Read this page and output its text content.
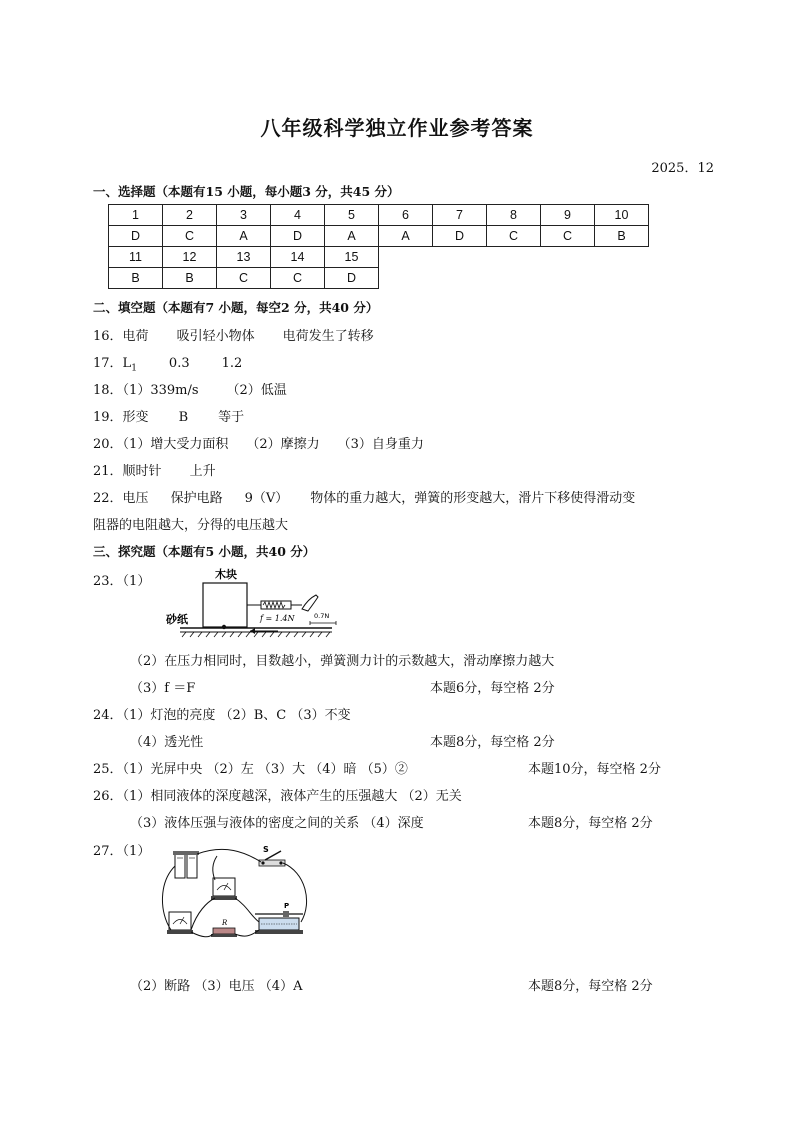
八年级科学独立作业参考答案
2025．12
一、选择题（本题有15 小题，每小题3 分，共45 分）
1	2	3	4	5	6	7	8	9	10
D	C	A	D	A	A	D	C	C	B
11	12	13	14	15					
B	B	C	C	D					
二、填空题（本题有7 小题，每空2 分，共40 分）
16．电荷 吸引轻小物体 电荷发生了转移
17．$L_1$ 0.3 1.2
18．（1）339m/s （2）低温
19．形变 B 等于
20．（1）增大受力面积 （2）摩擦力 （3）自身重力
21．顺时针 上升
22．电压 保护电路 9（V） 物体的重力越大，弹簧的形变越大，滑片下移使得滑动变
阻器的电阻越大，分得的电压越大
三、探究题（本题有5 小题，共40 分）
23．（1）	木块
f = 1.4N	0.7N
砂纸
（2）在压力相同时，目数越小，弹簧测力计的示数越大，滑动摩擦力越大
（3）f ＝F	本题6分，每空格 2分
24．（1）灯泡的亮度 （2）B、C （3）不变
（4）透光性	本题8分，每空格 2分
25．（1）光屏中央 （2）左 （3）大 （4）暗 （5）②	本题10分，每空格 2分
26．（1）相同液体的深度越深，液体产生的压强越大 （2）无关
（3）液体压强与液体的密度之间的关系 （4）深度	本题8分，每空格 2分
27．（1）	S
R
P
（2）断路 （3）电压 （4）A	本题8分，每空格 2分
